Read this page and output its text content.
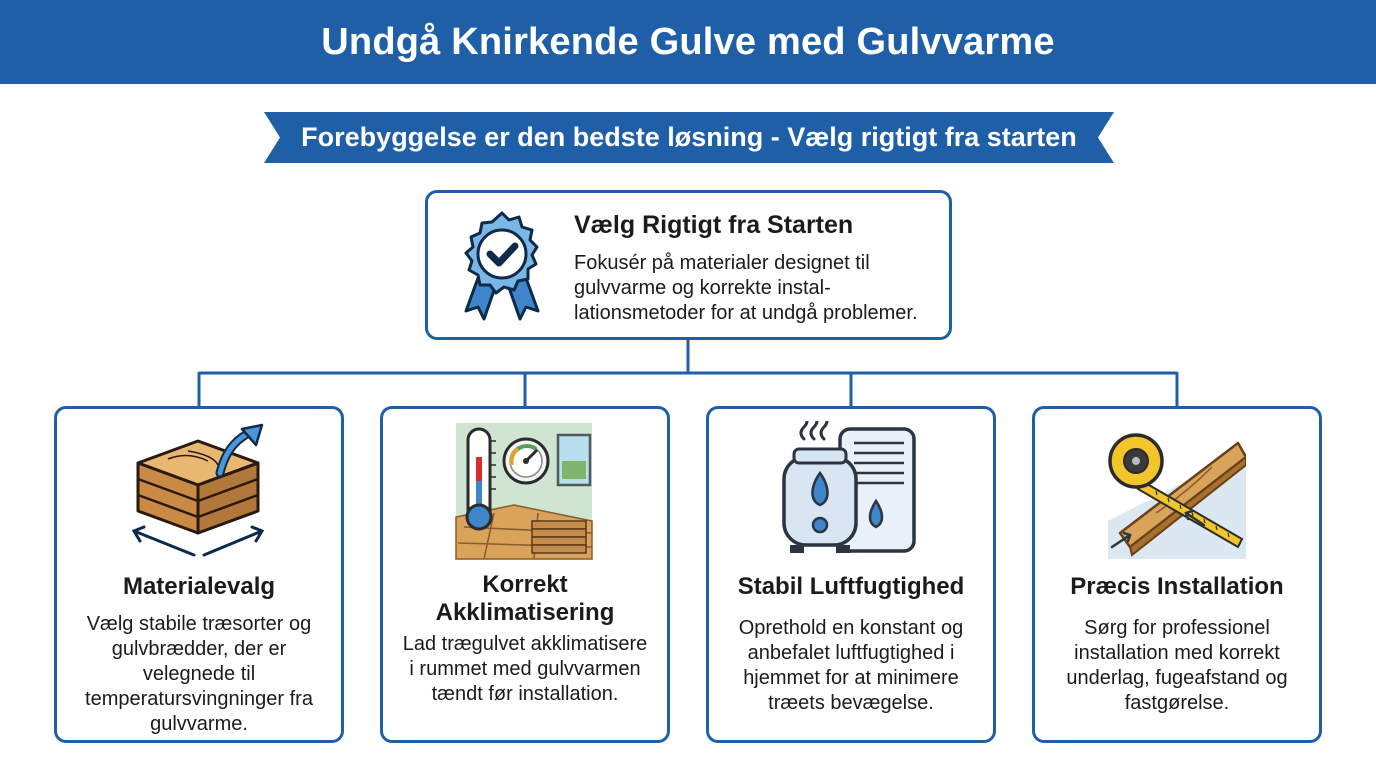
Undgå Knirkende Gulve med Gulvvarme
Forebyggelse er den bedste løsning - Vælg rigtigt fra starten
Vælg Rigtigt fra Starten
Fokusér på materialer designet til
gulvvarme og korrekte instal-
lationsmetoder for at undgå problemer.
Materialevalg
Vælg stabile træsorter og
gulvbrædder, der er
velegnede til
temperatursvingninger fra
gulvvarme.
Korrekt
Akklimatisering
Lad trægulvet akklimatisere
i rummet med gulvvarmen
tændt før installation.
Stabil Luftfugtighed
Oprethold en konstant og
anbefalet luftfugtighed i
hjemmet for at minimere
træets bevægelse.
Præcis Installation
Sørg for professionel
installation med korrekt
underlag, fugeafstand og
fastgørelse.
